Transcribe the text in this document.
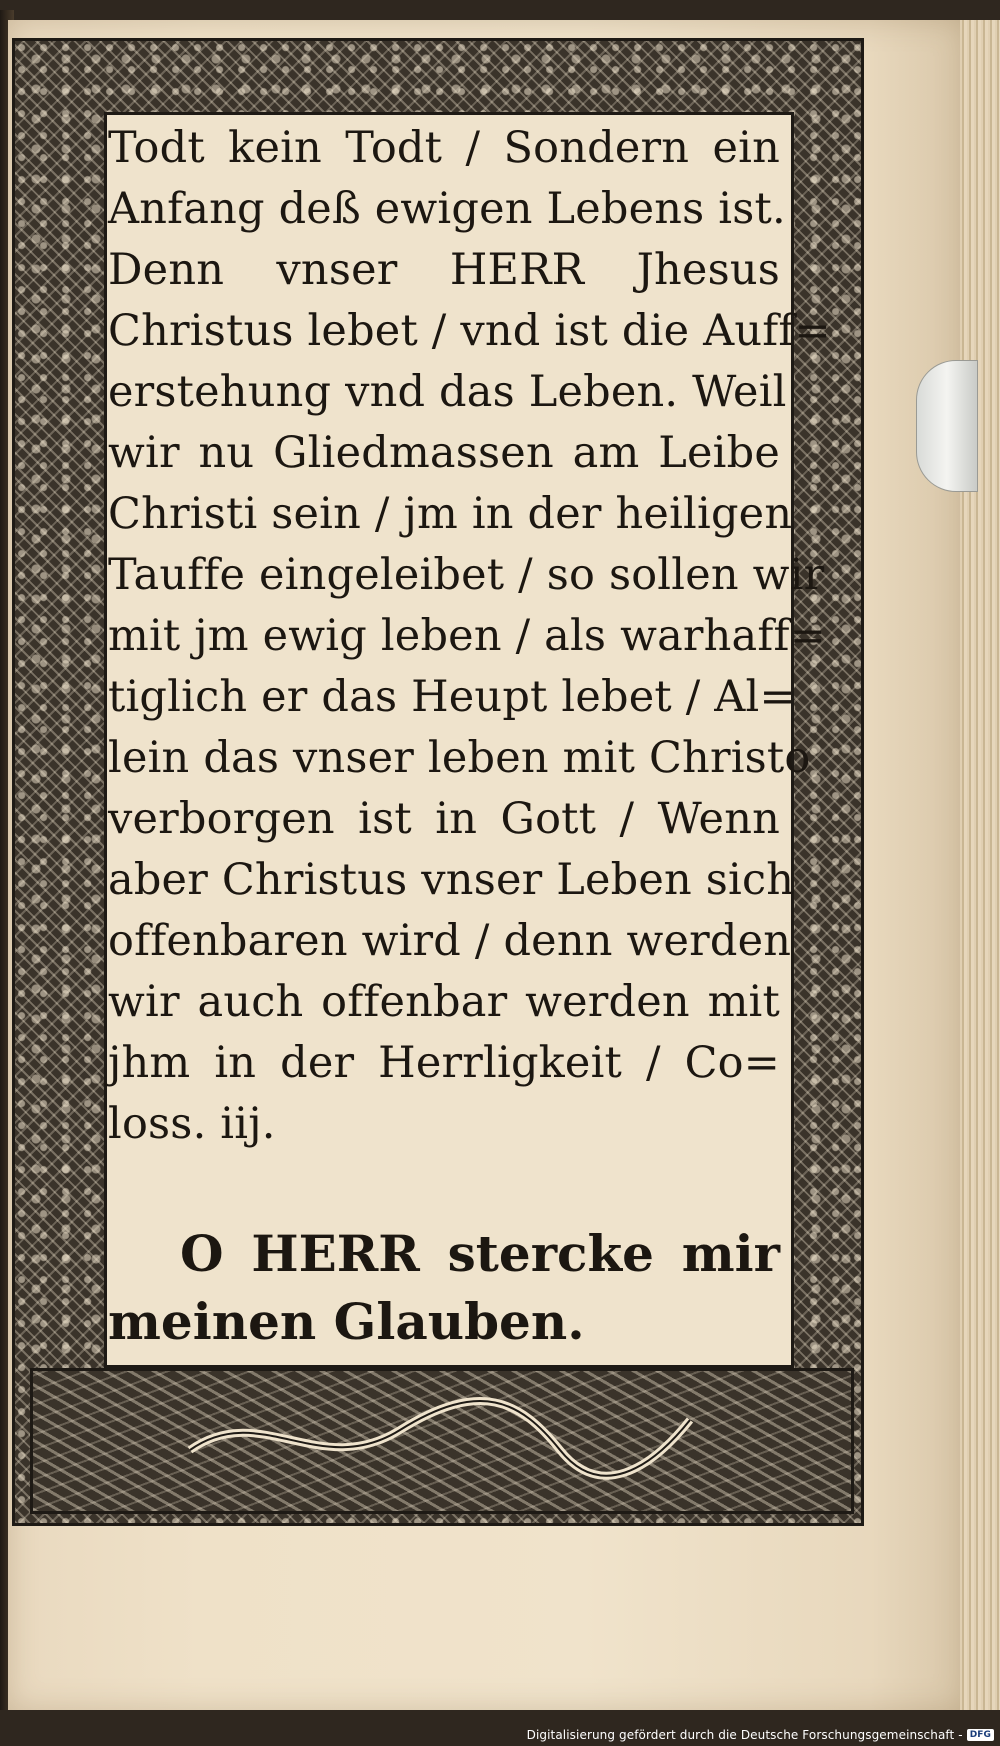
Todt kein Todt / Sondern ein
Anfang deß ewigen Lebens ist.
Denn vnser HERR Jhesus
Christus lebet / vnd ist die Auff=
erstehung vnd das Leben. Weil
wir nu Gliedmassen am Leibe
Christi sein / jm in der heiligen
Tauffe eingeleibet / so sollen wir
mit jm ewig leben / als warhaff=
tiglich er das Heupt lebet / Al=
lein das vnser leben mit Christo
verborgen ist in Gott / Wenn
aber Christus vnser Leben sich
offenbaren wird / denn werden
wir auch offenbar werden mit
jhm in der Herrligkeit / Co=
loss. iij.
O HERR stercke mir
meinen Glauben.
Digitalisierung gefördert durch die Deutsche Forschungsgemeinschaft - DFG
